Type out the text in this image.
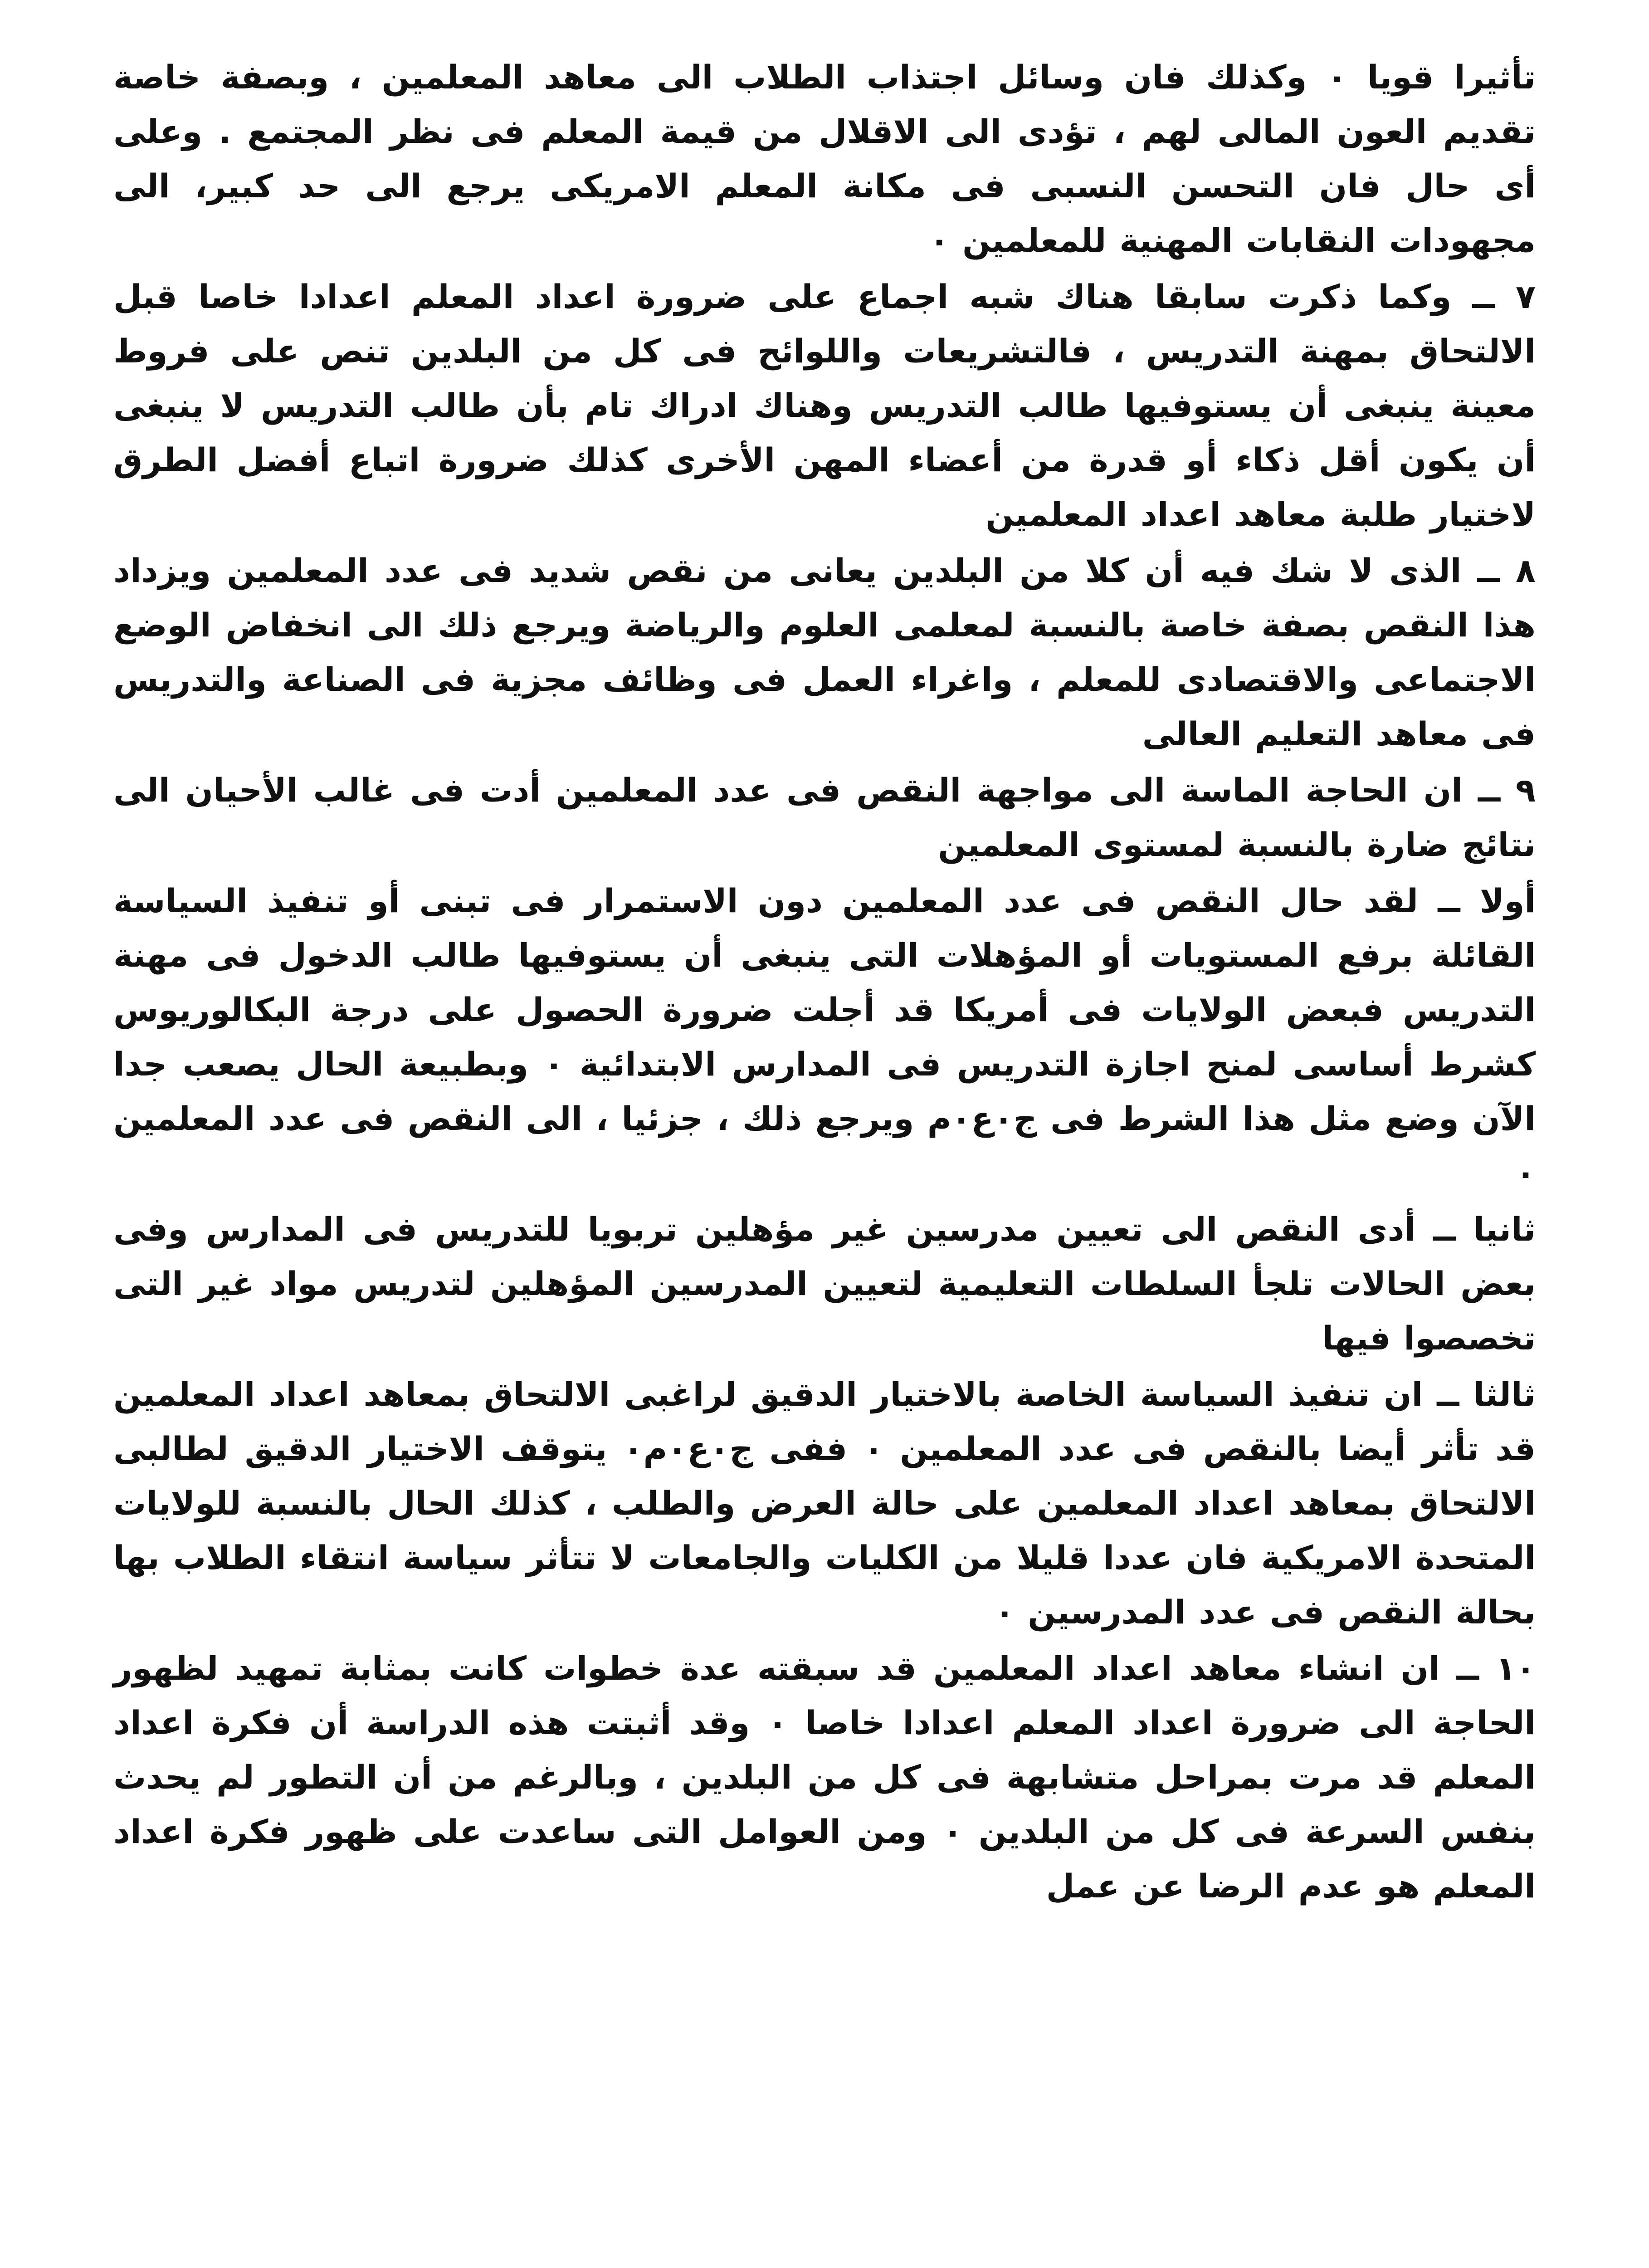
تأثيرا قويا ٠ وكذلك فان وسائل اجتذاب الطلاب الى معاهد المعلمين ، وبصفة خاصة تقديم العون المالى لهم ، تؤدى الى الاقلال من قيمة المعلم فى نظر المجتمع . وعلى أى حال فان التحسن النسبى فى مكانة المعلم الامريكى يرجع الى حد كبير، الى مجهودات النقابات المهنية للمعلمين ٠

٧ ــ وكما ذكرت سابقا هناك شبه اجماع على ضرورة اعداد المعلم اعدادا خاصا قبل الالتحاق بمهنة التدريس ، فالتشريعات واللوائح فى كل من البلدين تنص على فروط معينة ينبغى أن يستوفيها طالب التدريس وهناك ادراك تام بأن طالب التدريس لا ينبغى أن يكون أقل ذكاء أو قدرة من أعضاء المهن الأخرى كذلك ضرورة اتباع أفضل الطرق لاختيار طلبة معاهد اعداد المعلمين

٨ ــ الذى لا شك فيه أن كلا من البلدين يعانى من نقص شديد فى عدد المعلمين ويزداد هذا النقص بصفة خاصة بالنسبة لمعلمى العلوم والرياضة ويرجع ذلك الى انخفاض الوضع الاجتماعى والاقتصادى للمعلم ، واغراء العمل فى وظائف مجزية فى الصناعة والتدريس فى معاهد التعليم العالى

٩ ــ ان الحاجة الماسة الى مواجهة النقص فى عدد المعلمين أدت فى غالب الأحيان الى نتائج ضارة بالنسبة لمستوى المعلمين

أولا ــ لقد حال النقص فى عدد المعلمين دون الاستمرار فى تبنى أو تنفيذ السياسة القائلة برفع المستويات أو المؤهلات التى ينبغى أن يستوفيها طالب الدخول فى مهنة التدريس فبعض الولايات فى أمريكا قد أجلت ضرورة الحصول على درجة البكالوريوس كشرط أساسى لمنح اجازة التدريس فى المدارس الابتدائية ٠ وبطبيعة الحال يصعب جدا الآن وضع مثل هذا الشرط فى ج٠ع٠م ويرجع ذلك ، جزئيا ، الى النقص فى عدد المعلمين ٠

ثانيا ــ أدى النقص الى تعيين مدرسين غير مؤهلين تربويا للتدريس فى المدارس وفى بعض الحالات تلجأ السلطات التعليمية لتعيين المدرسين المؤهلين لتدريس مواد غير التى تخصصوا فيها

ثالثا ــ ان تنفيذ السياسة الخاصة بالاختيار الدقيق لراغبى الالتحاق بمعاهد اعداد المعلمين قد تأثر أيضا بالنقص فى عدد المعلمين ٠ ففى ج٠ع٠م٠ يتوقف الاختيار الدقيق لطالبى الالتحاق بمعاهد اعداد المعلمين على حالة العرض والطلب ، كذلك الحال بالنسبة للولايات المتحدة الامريكية فان عددا قليلا من الكليات والجامعات لا تتأثر سياسة انتقاء الطلاب بها بحالة النقص فى عدد المدرسين ٠

١٠ ــ ان انشاء معاهد اعداد المعلمين قد سبقته عدة خطوات كانت بمثابة تمهيد لظهور الحاجة الى ضرورة اعداد المعلم اعدادا خاصا ٠ وقد أثبتت هذه الدراسة أن فكرة اعداد المعلم قد مرت بمراحل متشابهة فى كل من البلدين ، وبالرغم من أن التطور لم يحدث بنفس السرعة فى كل من البلدين ٠ ومن العوامل التى ساعدت على ظهور فكرة اعداد المعلم هو عدم الرضا عن عمل
